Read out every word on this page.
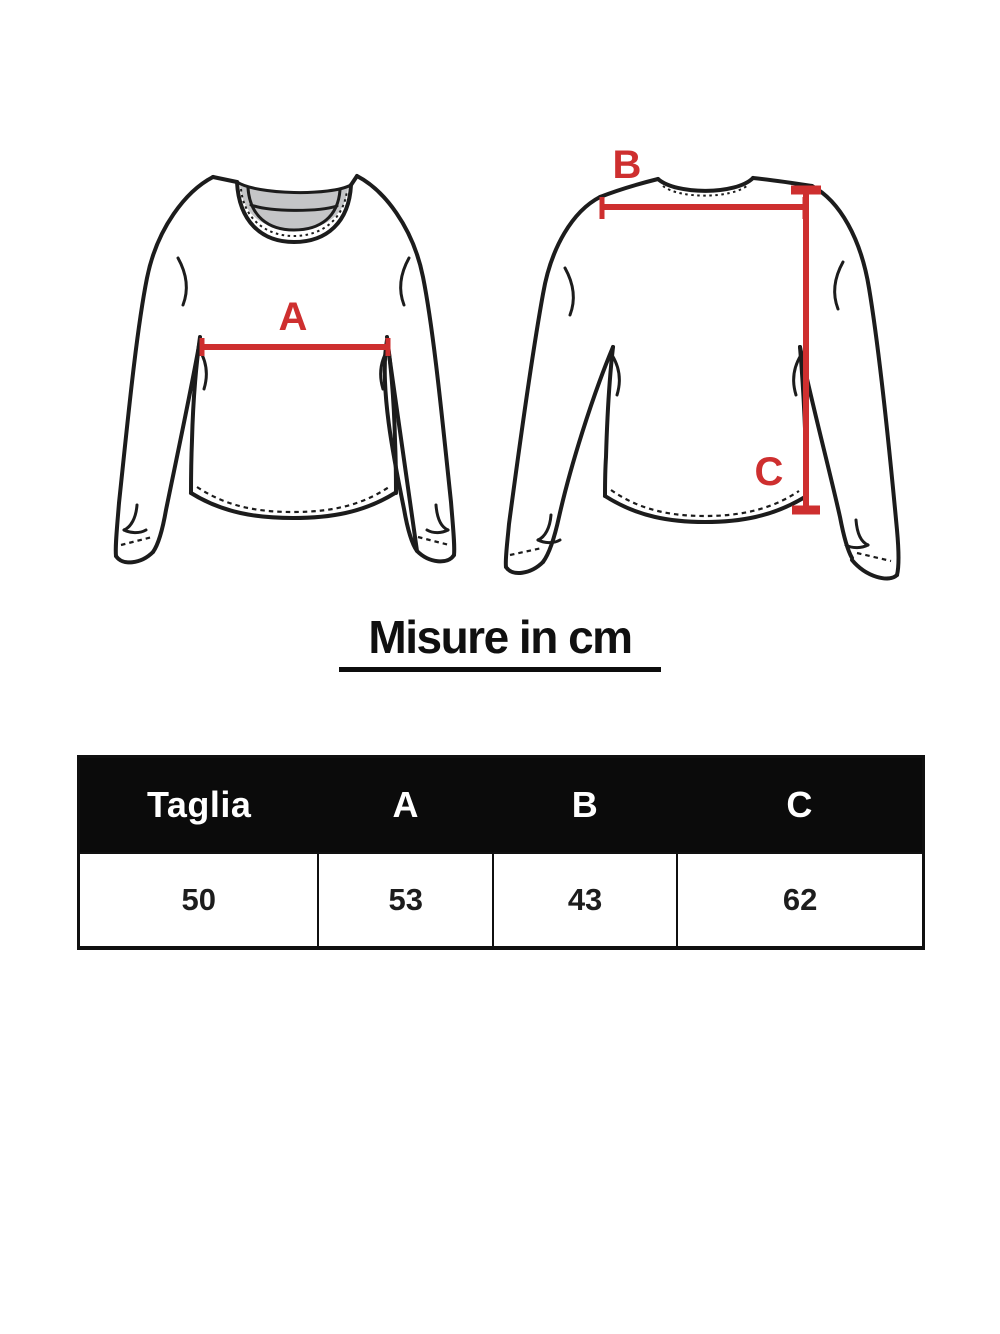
A
B
C
Misure in cm
Taglia	A	B	C
50	53	43	62
